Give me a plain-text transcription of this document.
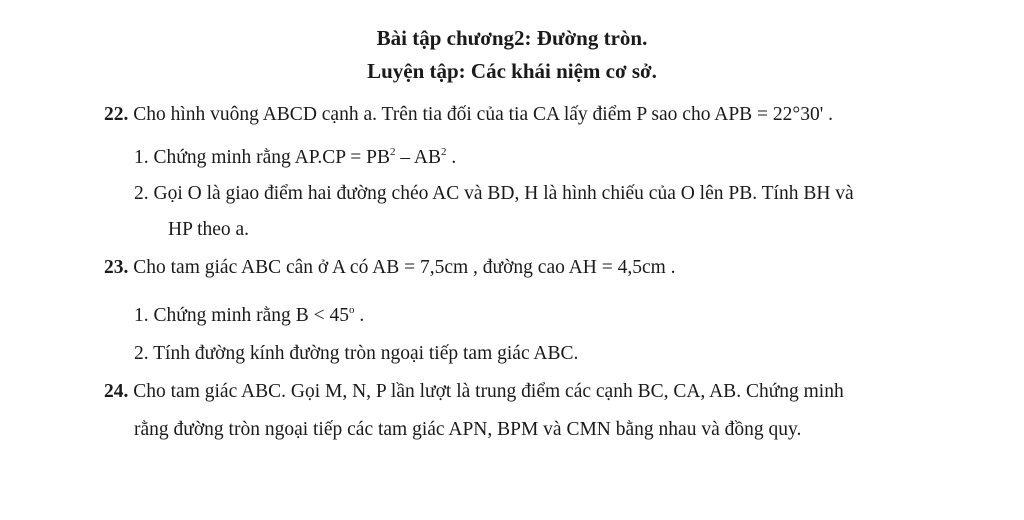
Bài tập chương2: Đường tròn.
Luyện tập: Các khái niệm cơ sở.
22. Cho hình vuông ABCD cạnh a. Trên tia đối của tia CA lấy điểm P sao cho APB = 22°30' .
1. Chứng minh rằng $AP.CP = PB^2 - AB^2$ .
2. Gọi O là giao điểm hai đường chéo AC và BD, H là hình chiếu của O lên PB. Tính BH và
HP theo a.
23. Cho tam giác ABC cân ở A có AB = 7,5cm , đường cao AH = 4,5cm .
1. Chứng minh rằng $B < 45^o$ .
2. Tính đường kính đường tròn ngoại tiếp tam giác ABC.
24. Cho tam giác ABC. Gọi M, N, P lần lượt là trung điểm các cạnh BC, CA, AB. Chứng minh
rằng đường tròn ngoại tiếp các tam giác APN, BPM và CMN bằng nhau và đồng quy.
